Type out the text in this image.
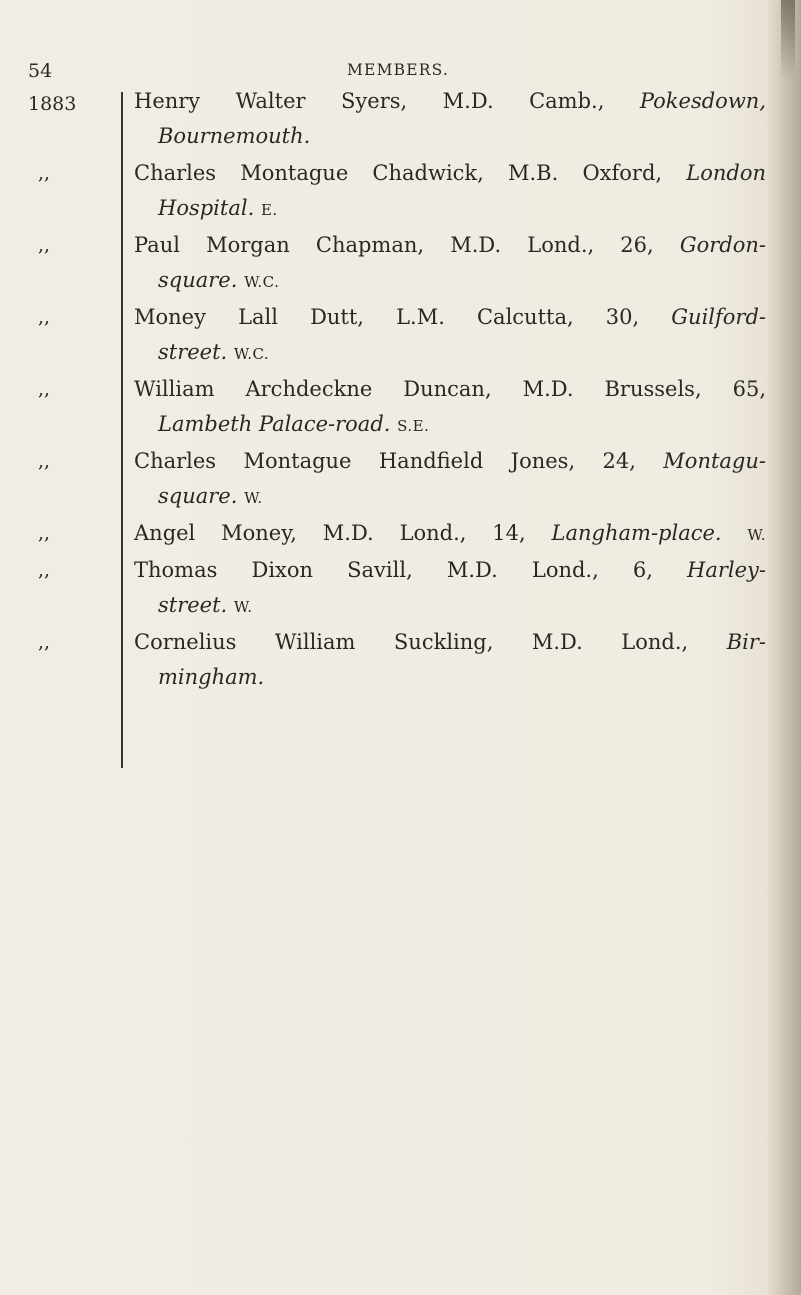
54	MEMBERS.
1883	Henry Walter Syers, M.D. Camb., Pokesdown,
Bournemouth.
,,	Charles Montague Chadwick, M.B. Oxford, London
Hospital. E.
,,	Paul Morgan Chapman, M.D. Lond., 26, Gordon-
square. W.C.
,,	Money Lall Dutt, L.M. Calcutta, 30, Guilford-
street. W.C.
,,	William Archdeckne Duncan, M.D. Brussels, 65,
Lambeth Palace-road. S.E.
,,	Charles Montague Handfield Jones, 24, Montagu-
square. W.
,,	Angel Money, M.D. Lond., 14, Langham-place. W.
,,	Thomas Dixon Savill, M.D. Lond., 6, Harley-
street. W.
,,	Cornelius William Suckling, M.D. Lond., Bir-
mingham.
